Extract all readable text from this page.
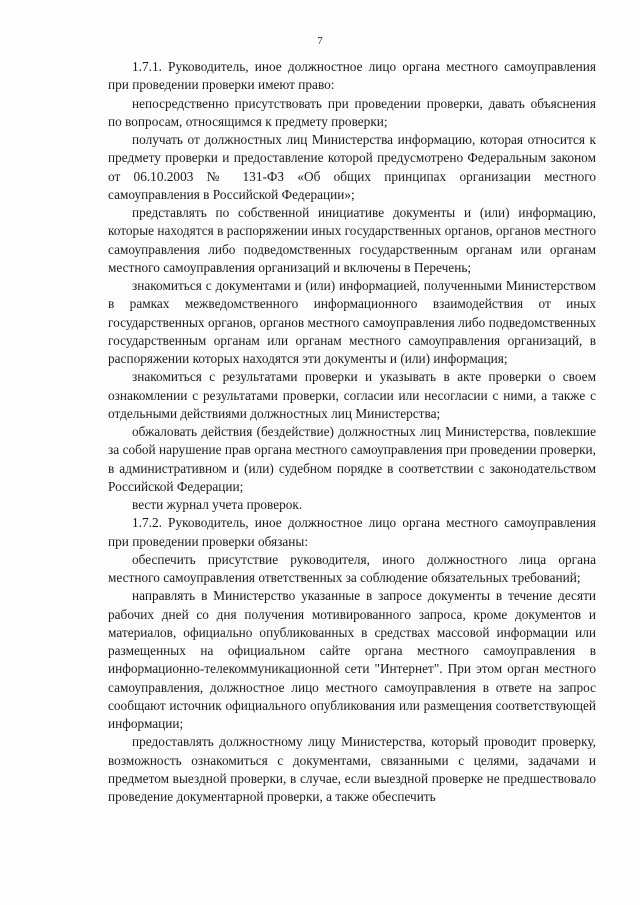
7

1.7.1. Руководитель, иное должностное лицо органа местного самоуправления при проведении проверки имеют право:

непосредственно присутствовать при проведении проверки, давать объяснения по вопросам, относящимся к предмету проверки;

получать от должностных лиц Министерства информацию, которая относится к предмету проверки и предоставление которой предусмотрено Федеральным законом от 06.10.2003 № 131-ФЗ «Об общих принципах организации местного самоуправления в Российской Федерации»;

представлять по собственной инициативе документы и (или) информацию, которые находятся в распоряжении иных государственных органов, органов местного самоуправления либо подведомственных государственным органам или органам местного самоуправления организаций и включены в Перечень;

знакомиться с документами и (или) информацией, полученными Министерством в рамках межведомственного информационного взаимодействия от иных государственных органов, органов местного самоуправления либо подведомственных государственным органам или органам местного самоуправления организаций, в распоряжении которых находятся эти документы и (или) информация;

знакомиться с результатами проверки и указывать в акте проверки о своем ознакомлении с результатами проверки, согласии или несогласии с ними, а также с отдельными действиями должностных лиц Министерства;

обжаловать действия (бездействие) должностных лиц Министерства, повлекшие за собой нарушение прав органа местного самоуправления при проведении проверки, в административном и (или) судебном порядке в соответствии с законодательством Российской Федерации;

вести журнал учета проверок.

1.7.2. Руководитель, иное должностное лицо органа местного самоуправления при проведении проверки обязаны:

обеспечить присутствие руководителя, иного должностного лица органа местного самоуправления ответственных за соблюдение обязательных требований;

направлять в Министерство указанные в запросе документы в течение десяти рабочих дней со дня получения мотивированного запроса, кроме документов и материалов, официально опубликованных в средствах массовой информации или размещенных на официальном сайте органа местного самоуправления в информационно-телекоммуникационной сети "Интернет". При этом орган местного самоуправления, должностное лицо местного самоуправления в ответе на запрос сообщают источник официального опубликования или размещения соответствующей информации;

предоставлять должностному лицу Министерства, который проводит проверку, возможность ознакомиться с документами, связанными с целями, задачами и предметом выездной проверки, в случае, если выездной проверке не предшествовало проведение документарной проверки, а также обеспечить
